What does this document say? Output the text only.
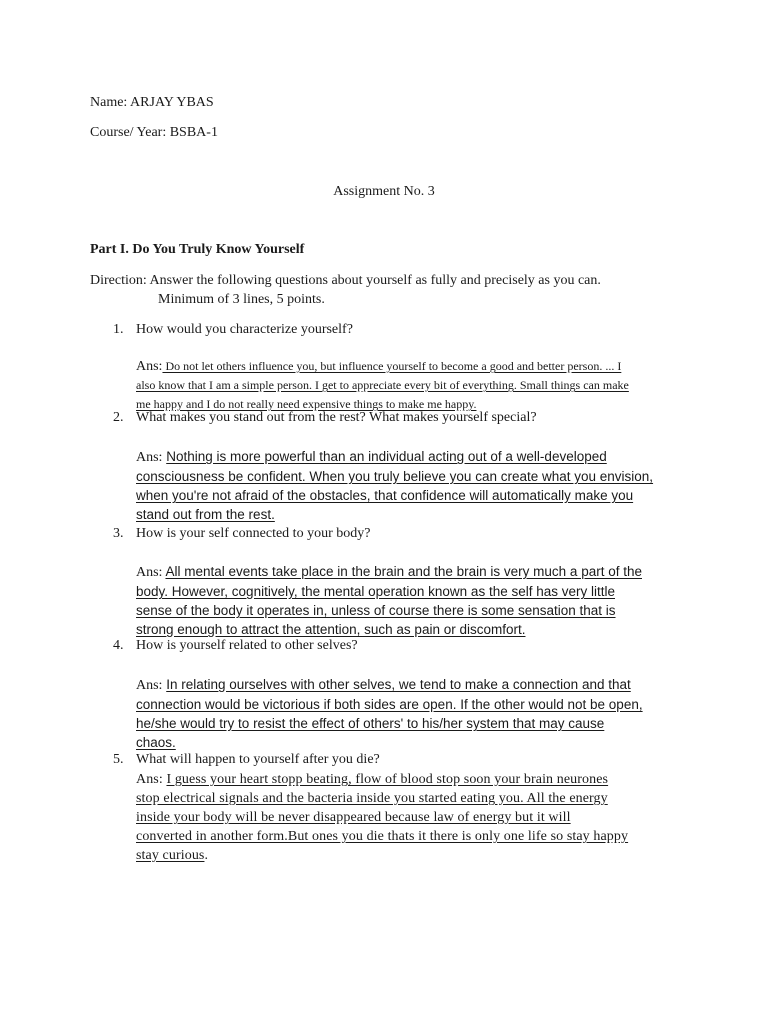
Name: ARJAY YBAS
Course/ Year: BSBA-1
Assignment No. 3
Part I. Do You Truly Know Yourself
Direction: Answer the following questions about yourself as fully and precisely as you can.
Minimum of 3 lines, 5 points.
1. How would you characterize yourself?
Ans: Do not let others influence you, but influence yourself to become a good and better person. ... I
also know that I am a simple person. I get to appreciate every bit of everything. Small things can make
me happy and I do not really need expensive things to make me happy.
2. What makes you stand out from the rest? What makes yourself special?
Ans: Nothing is more powerful than an individual acting out of a well-developed
consciousness be confident. When you truly believe you can create what you envision,
when you're not afraid of the obstacles, that confidence will automatically make you
stand out from the rest.
3. How is your self connected to your body?
Ans: All mental events take place in the brain and the brain is very much a part of the
body. However, cognitively, the mental operation known as the self has very little
sense of the body it operates in, unless of course there is some sensation that is
strong enough to attract the attention, such as pain or discomfort.
4. How is yourself related to other selves?
Ans: In relating ourselves with other selves, we tend to make a connection and that
connection would be victorious if both sides are open. If the other would not be open,
he/she would try to resist the effect of others' to his/her system that may cause
chaos.
5. What will happen to yourself after you die?
Ans: I guess your heart stopp beating, flow of blood stop soon your brain neurones
stop electrical signals and the bacteria inside you started eating you. All the energy
inside your body will be never disappeared because law of energy but it will
converted in another form.But ones you die thats it there is only one life so stay happy
stay curious.
